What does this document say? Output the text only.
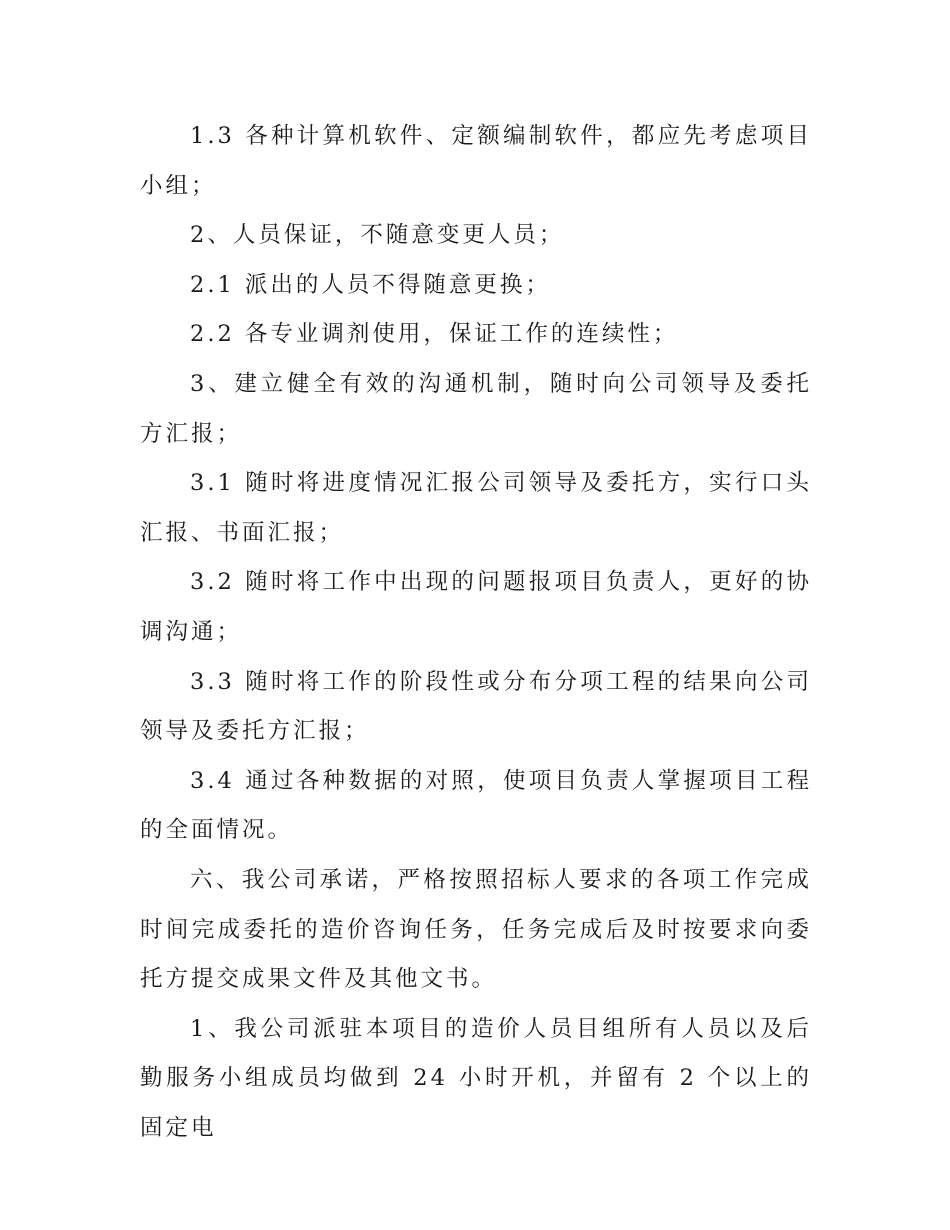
1.3 各种计算机软件、定额编制软件，都应先考虑项目小组；

2、人员保证，不随意变更人员；

2.1 派出的人员不得随意更换；

2.2 各专业调剂使用，保证工作的连续性；

3、建立健全有效的沟通机制，随时向公司领导及委托方汇报；

3.1 随时将进度情况汇报公司领导及委托方，实行口头汇报、书面汇报；

3.2 随时将工作中出现的问题报项目负责人，更好的协调沟通；

3.3 随时将工作的阶段性或分布分项工程的结果向公司领导及委托方汇报；

3.4 通过各种数据的对照，使项目负责人掌握项目工程的全面情况。

六、我公司承诺，严格按照招标人要求的各项工作完成时间完成委托的造价咨询任务，任务完成后及时按要求向委托方提交成果文件及其他文书。

1、我公司派驻本项目的造价人员目组所有人员以及后勤服务小组成员均做到 24 小时开机，并留有 2 个以上的固定电
